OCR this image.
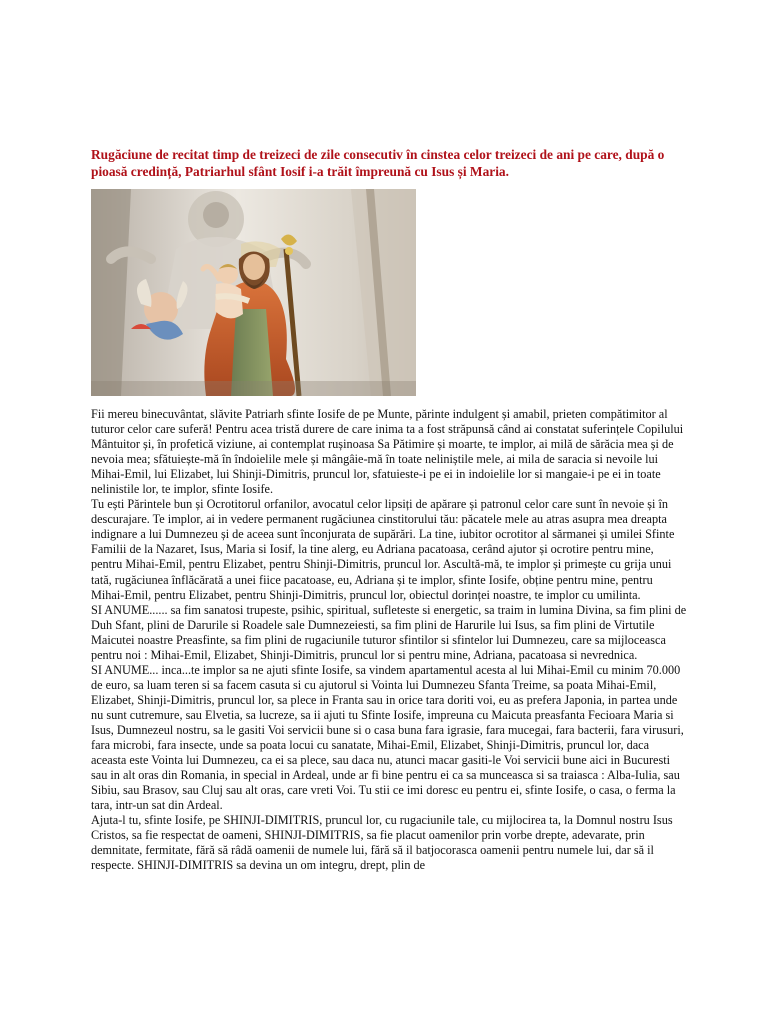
Rugăciune de recitat timp de treizeci de zile consecutiv în cinstea celor treizeci de ani pe care, după o pioasă credință, Patriarhul sfânt Iosif i-a trăit împreună cu Isus și Maria.

Fii mereu binecuvântat, slăvite Patriarh sfinte Iosife de pe Munte, părinte indulgent și amabil, prieten compătimitor al tuturor celor care suferă! Pentru acea tristă durere de care inima ta a fost străpunsă când ai constatat suferințele Copilului Mântuitor și, în profetică viziune, ai contemplat rușinoasa Sa Pătimire și moarte, te implor, ai milă de sărăcia mea și de nevoia mea; sfătuiește-mă în îndoielile mele și mângâie-mă în toate neliniștile mele, ai mila de saracia si nevoile lui Mihai-Emil, lui Elizabet, lui Shinji-Dimitris, pruncul lor, sfatuieste-i pe ei in indoielile lor si mangaie-i pe ei in toate nelinistile lor, te implor, sfinte Iosife.

Tu ești Părintele bun și Ocrotitorul orfanilor, avocatul celor lipsiți de apărare și patronul celor care sunt în nevoie și în descurajare. Te implor, ai in vedere permanent rugăciunea cinstitorului tău: păcatele mele au atras asupra mea dreapta indignare a lui Dumnezeu și de aceea sunt înconjurata de supărări. La tine, iubitor ocrotitor al sărmanei și umilei Sfinte Familii de la Nazaret, Isus, Maria si Iosif, la tine alerg, eu Adriana pacatoasa, cerând ajutor și ocrotire pentru mine, pentru Mihai-Emil, pentru Elizabet, pentru Shinji-Dimitris, pruncul lor. Ascultă-mă, te implor și primește cu grija unui tată, rugăciunea înflăcărată a unei fiice pacatoase, eu, Adriana și te implor, sfinte Iosife, obține pentru mine, pentru Mihai-Emil, pentru Elizabet, pentru Shinji-Dimitris, pruncul lor, obiectul dorinței noastre, te implor cu umilinta.

SI ANUME...... sa fim sanatosi trupeste, psihic, spiritual, sufleteste si energetic, sa traim in lumina Divina, sa fim plini de Duh Sfant, plini de Darurile si Roadele sale Dumnezeiesti, sa fim plini de Harurile lui Isus, sa fim plini de Virtutile Maicutei noastre Preasfinte, sa fim plini de rugaciunile tuturor sfintilor si sfintelor lui Dumnezeu, care sa mijloceasca pentru noi : Mihai-Emil, Elizabet, Shinji-Dimitris, pruncul lor si pentru mine, Adriana, pacatoasa si nevrednica.

SI ANUME... inca...te implor sa ne ajuti sfinte Iosife, sa vindem apartamentul acesta al lui Mihai-Emil cu minim 70.000 de euro, sa luam teren si sa facem casuta si cu ajutorul si Vointa lui Dumnezeu Sfanta Treime, sa poata Mihai-Emil, Elizabet, Shinji-Dimitris, pruncul lor, sa plece in Franta sau in orice tara doriti voi, eu as prefera Japonia, in partea unde nu sunt cutremure, sau Elvetia, sa lucreze, sa ii ajuti tu Sfinte Iosife, impreuna cu Maicuta preasfanta Fecioara Maria si Isus, Dumnezeul nostru, sa le gasiti Voi servicii bune si o casa buna fara igrasie, fara mucegai, fara bacterii, fara virusuri, fara microbi, fara insecte, unde sa poata locui cu sanatate, Mihai-Emil, Elizabet, Shinji-Dimitris, pruncul lor, daca aceasta este Vointa lui Dumnezeu, ca ei sa plece, sau daca nu, atunci macar gasiti-le Voi servicii bune aici in Bucuresti sau in alt oras din Romania, in special in Ardeal, unde ar fi bine pentru ei ca sa munceasca si sa traiasca : Alba-Iulia, sau Sibiu, sau Brasov, sau Cluj sau alt oras, care vreti Voi. Tu stii ce imi doresc eu pentru ei, sfinte Iosife, o casa, o ferma la tara, intr-un sat din Ardeal.

Ajuta-l tu, sfinte Iosife, pe SHINJI-DIMITRIS, pruncul lor, cu rugaciunile tale, cu mijlocirea ta, la Domnul nostru Isus Cristos, sa fie respectat de oameni, SHINJI-DIMITRIS, sa fie placut oamenilor prin vorbe drepte, adevarate, prin demnitate, fermitate, fără să râdă oamenii de numele lui, fără să il batjocorasca oamenii pentru numele lui, dar să il respecte. SHINJI-DIMITRIS sa devina un om integru, drept, plin de
